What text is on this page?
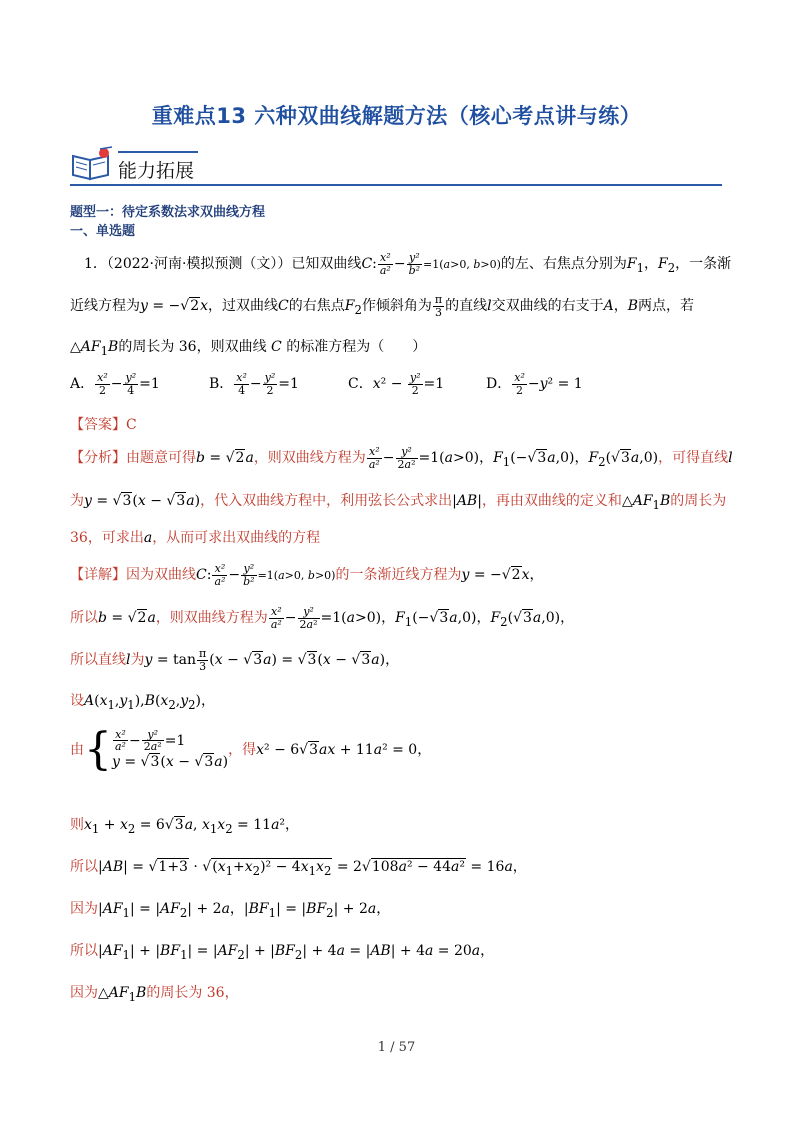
重难点13 六种双曲线解题方法（核心考点讲与练）
能力拓展
题型一：待定系数法求双曲线方程
一、单选题
1．（2022·河南·模拟预测（文））已知双曲线C: $\frac{\text{x²}}{\text{a²}} - \frac{\text{y²}}{\text{b²}} =1(a>0$, b>0)的左、右焦点分别为$F_1$，$F_2$，一条渐
近线方程为y = −√2x，过双曲线C的右焦点$F_2$作倾斜角为 $\frac{\pi}{3}$ 的直线l交双曲线的右支于A，B两点，若
$\triangle AF_1B$的周长为 36，则双曲线 C 的标准方程为（　　）
A． $\frac{\text{x²}}{2} - \frac{\text{y²}}{4} =1$	B． $\frac{\text{x²}}{4} - \frac{\text{y²}}{2} =1$	C．$x^2 - \frac{\text{y²}}{2} =1$	D． $\frac{\text{x²}}{2} -y^2 = 1$
【答案】C
【分析】由题意可得b = √2a，则双曲线方程为 $\frac{\text{x²}}{\text{a²}} - \frac{\text{y²}}{\text{2a²}} =1(a>0)$，$F_1(-√3a,0)$，$F_2(√3a,0)$，可得直线l
为y = √3(x − √3a)，代入双曲线方程中，利用弦长公式求出|AB|，再由双曲线的定义和$\triangle AF_1B$的周长为
36，可求出a，从而可求出双曲线的方程
【详解】因为双曲线C: $\frac{\text{x²}}{\text{a²}} - \frac{\text{y²}}{\text{b²}} =1(a>0$, b>0)的一条渐近线方程为y = −√2x，
所以b = √2a，则双曲线方程为 $\frac{\text{x²}}{\text{a²}} - \frac{\text{y²}}{\text{2a²}} =1(a>0)$，$F_1(-√3a,0)$，$F_2(√3a,0)$，
所以直线l为$y = \tan \frac{\pi}{3} (x - √3a) = √3(x - √3a)$，
设$A(x_1,y_1),B(x_2,y_2)$，
由{ $\frac{\text{x²}}{\text{a²}} - \frac{\text{y²}}{\text{2a²}} =1$
y = √3(x − √3a)，得x² − 6√3ax + 11a² = 0，
则$x_1 + x_2 = 6√3a$, $x_1x_2 = 11a^2$，
所以$|AB| = √1+3 \cdot √(x_1+x_2)^2 - 4x_1x_2 = 2√108a^2 - 44a^2 = 16a$，
因为$|AF_1| = |AF_2| + 2a$，$|BF_1| = |BF_2| + 2a$，
所以$|AF_1| + |BF_1| = |AF_2| + |BF_2| + 4a = |AB| + 4a = 20a$，
因为$\triangle AF_1B$的周长为 36，
1 / 57
